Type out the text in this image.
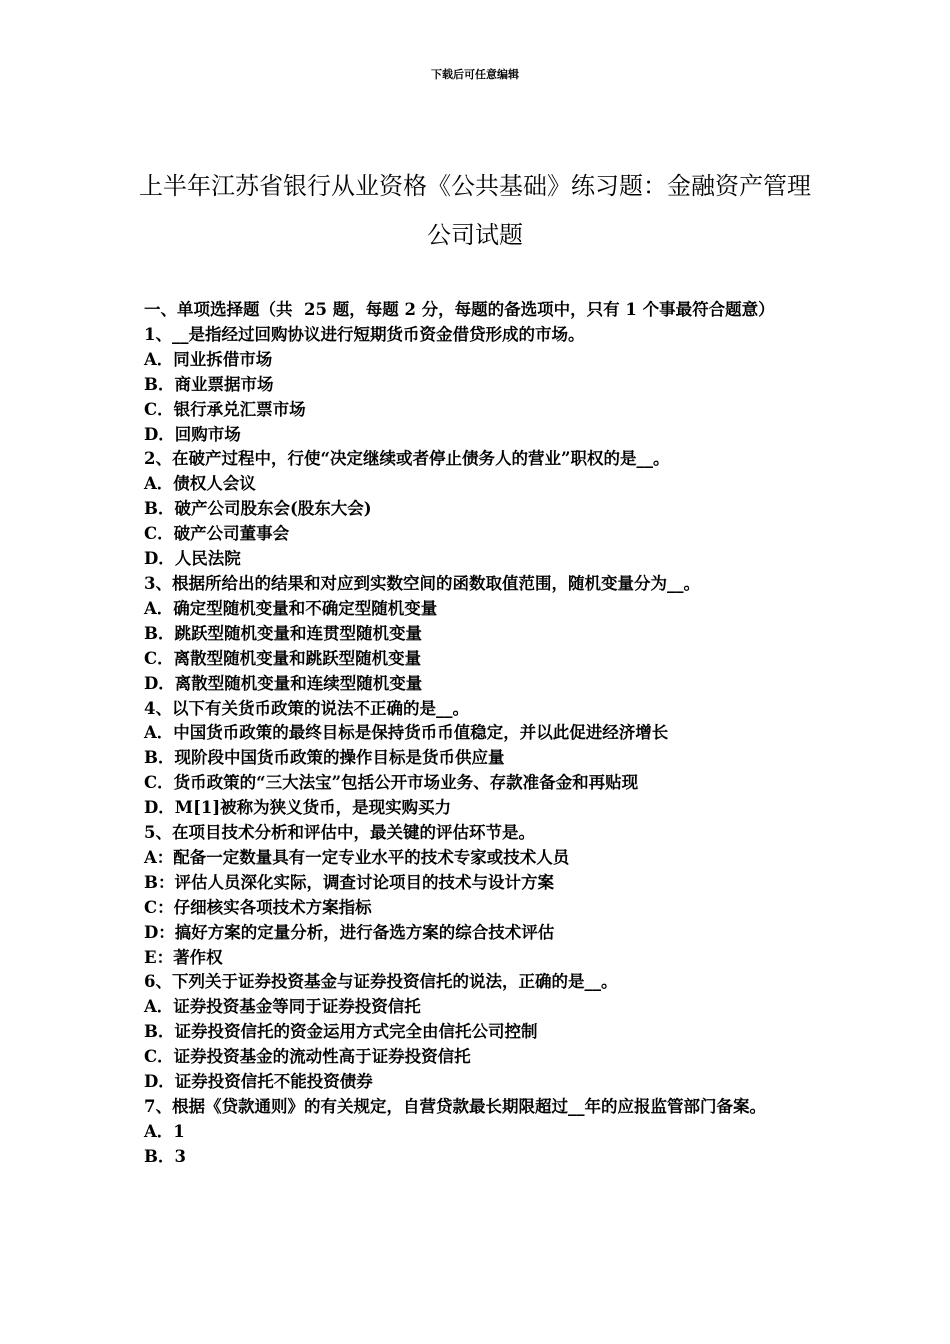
下载后可任意编辑
上半年江苏省银行从业资格《公共基础》练习题：金融资产管理公司试题
一、单项选择题（共  25 题，每题 2 分，每题的备选项中，只有 1 个事最符合题意）
1、__是指经过回购协议进行短期货币资金借贷形成的市场。
A．同业拆借市场
B．商业票据市场
C．银行承兑汇票市场
D．回购市场
2、在破产过程中，行使“决定继续或者停止债务人的营业”职权的是__。
A．债权人会议
B．破产公司股东会(股东大会)
C．破产公司董事会
D．人民法院
3、根据所给出的结果和对应到实数空间的函数取值范围，随机变量分为__。
A．确定型随机变量和不确定型随机变量
B．跳跃型随机变量和连贯型随机变量
C．离散型随机变量和跳跃型随机变量
D．离散型随机变量和连续型随机变量
4、以下有关货币政策的说法不正确的是__。
A．中国货币政策的最终目标是保持货币币值稳定，并以此促进经济增长
B．现阶段中国货币政策的操作目标是货币供应量
C．货币政策的“三大法宝”包括公开市场业务、存款准备金和再贴现
D．M[1]被称为狭义货币，是现实购买力
5、在项目技术分析和评估中，最关键的评估环节是。
A：配备一定数量具有一定专业水平的技术专家或技术人员
B：评估人员深化实际，调查讨论项目的技术与设计方案
C：仔细核实各项技术方案指标
D：搞好方案的定量分析，进行备选方案的综合技术评估
E：著作权
6、下列关于证券投资基金与证券投资信托的说法，正确的是__。
A．证券投资基金等同于证券投资信托
B．证券投资信托的资金运用方式完全由信托公司控制
C．证券投资基金的流动性高于证券投资信托
D．证券投资信托不能投资债券
7、根据《贷款通则》的有关规定，自营贷款最长期限超过__年的应报监管部门备案。
A．1
B．3
